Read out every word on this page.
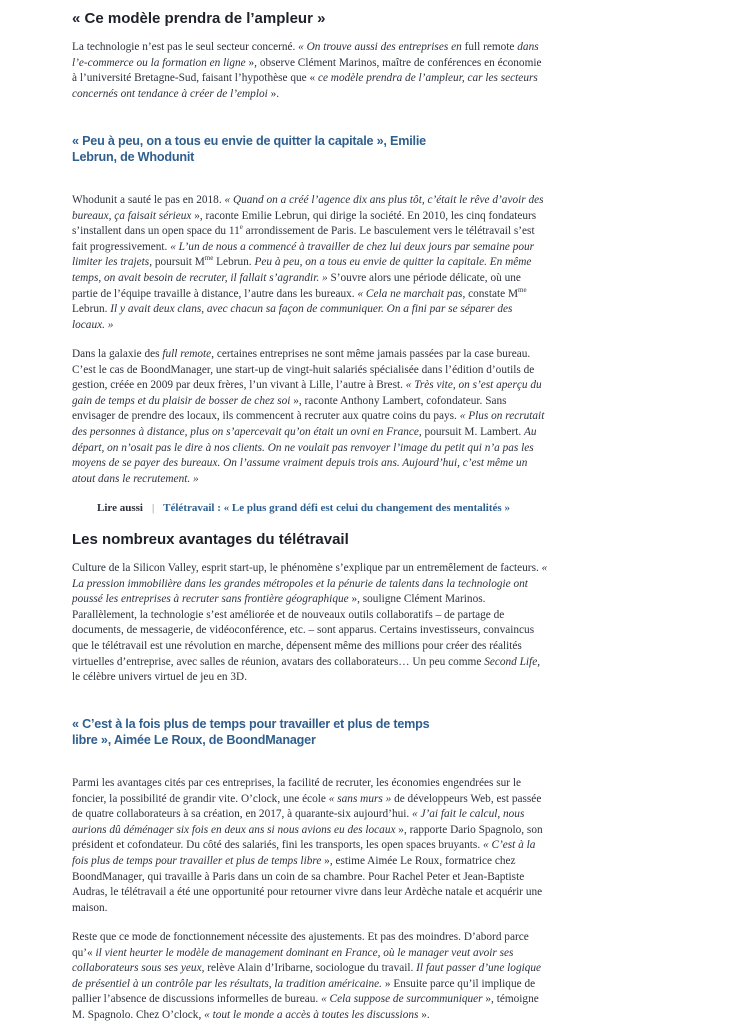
« Ce modèle prendra de l’ampleur »

La technologie n’est pas le seul secteur concerné. « On trouve aussi des entreprises en full remote dans l’e-commerce ou la formation en ligne », observe Clément Marinos, maître de conférences en économie à l’université Bretagne-Sud, faisant l’hypothèse que « ce modèle prendra de l’ampleur, car les secteurs concernés ont tendance à créer de l’emploi ».

« Peu à peu, on a tous eu envie de quitter la capitale », Emilie
Lebrun, de Whodunit

Whodunit a sauté le pas en 2018. « Quand on a créé l’agence dix ans plus tôt, c’était le rêve d’avoir des bureaux, ça faisait sérieux », raconte Emilie Lebrun, qui dirige la société. En 2010, les cinq fondateurs s’installent dans un open space du 11e arrondissement de Paris. Le basculement vers le télétravail s’est fait progressivement. « L’un de nous a commencé à travailler de chez lui deux jours par semaine pour limiter les trajets, poursuit $M^{me}$ Lebrun. Peu à peu, on a tous eu envie de quitter la capitale. En même temps, on avait besoin de recruter, il fallait s’agrandir. » S’ouvre alors une période délicate, où une partie de l’équipe travaille à distance, l’autre dans les bureaux. « Cela ne marchait pas, constate $M^{me}$ Lebrun. Il y avait deux clans, avec chacun sa façon de communiquer. On a fini par se séparer des locaux. »

Dans la galaxie des full remote, certaines entreprises ne sont même jamais passées par la case bureau. C’est le cas de BoondManager, une start-up de vingt-huit salariés spécialisée dans l’édition d’outils de gestion, créée en 2009 par deux frères, l’un vivant à Lille, l’autre à Brest. « Très vite, on s’est aperçu du gain de temps et du plaisir de bosser de chez soi », raconte Anthony Lambert, cofondateur. Sans envisager de prendre des locaux, ils commencent à recruter aux quatre coins du pays. « Plus on recrutait des personnes à distance, plus on s’apercevait qu’on était un ovni en France, poursuit M. Lambert. Au départ, on n’osait pas le dire à nos clients. On ne voulait pas renvoyer l’image du petit qui n’a pas les moyens de se payer des bureaux. On l’assume vraiment depuis trois ans. Aujourd’hui, c’est même un atout dans le recrutement. »

Lire aussi | Télétravail : « Le plus grand défi est celui du changement des mentalités »
Les nombreux avantages du télétravail

Culture de la Silicon Valley, esprit start-up, le phénomène s’explique par un entremêlement de facteurs. « La pression immobilière dans les grandes métropoles et la pénurie de talents dans la technologie ont poussé les entreprises à recruter sans frontière géographique », souligne Clément Marinos. Parallèlement, la technologie s’est améliorée et de nouveaux outils collaboratifs – de partage de documents, de messagerie, de vidéoconférence, etc. – sont apparus. Certains investisseurs, convaincus que le télétravail est une révolution en marche, dépensent même des millions pour créer des réalités virtuelles d’entreprise, avec salles de réunion, avatars des collaborateurs… Un peu comme Second Life, le célèbre univers virtuel de jeu en 3D.

« C’est à la fois plus de temps pour travailler et plus de temps
libre », Aimée Le Roux, de BoondManager

Parmi les avantages cités par ces entreprises, la facilité de recruter, les économies engendrées sur le foncier, la possibilité de grandir vite. O’clock, une école « sans murs » de développeurs Web, est passée de quatre collaborateurs à sa création, en 2017, à quarante-six aujourd’hui. « J’ai fait le calcul, nous aurions dû déménager six fois en deux ans si nous avions eu des locaux », rapporte Dario Spagnolo, son président et cofondateur. Du côté des salariés, fini les transports, les open spaces bruyants. « C’est à la fois plus de temps pour travailler et plus de temps libre », estime Aimée Le Roux, formatrice chez BoondManager, qui travaille à Paris dans un coin de sa chambre. Pour Rachel Peter et Jean-Baptiste Audras, le télétravail a été une opportunité pour retourner vivre dans leur Ardèche natale et acquérir une maison.

Reste que ce mode de fonctionnement nécessite des ajustements. Et pas des moindres. D’abord parce qu’« il vient heurter le modèle de management dominant en France, où le manager veut avoir ses collaborateurs sous ses yeux, relève Alain d’Iribarne, sociologue du travail. Il faut passer d’une logique de présentiel à un contrôle par les résultats, la tradition américaine. » Ensuite parce qu’il implique de pallier l’absence de discussions informelles de bureau. « Cela suppose de surcommuniquer », témoigne M. Spagnolo. Chez O’clock, « tout le monde a accès à toutes les discussions ».
